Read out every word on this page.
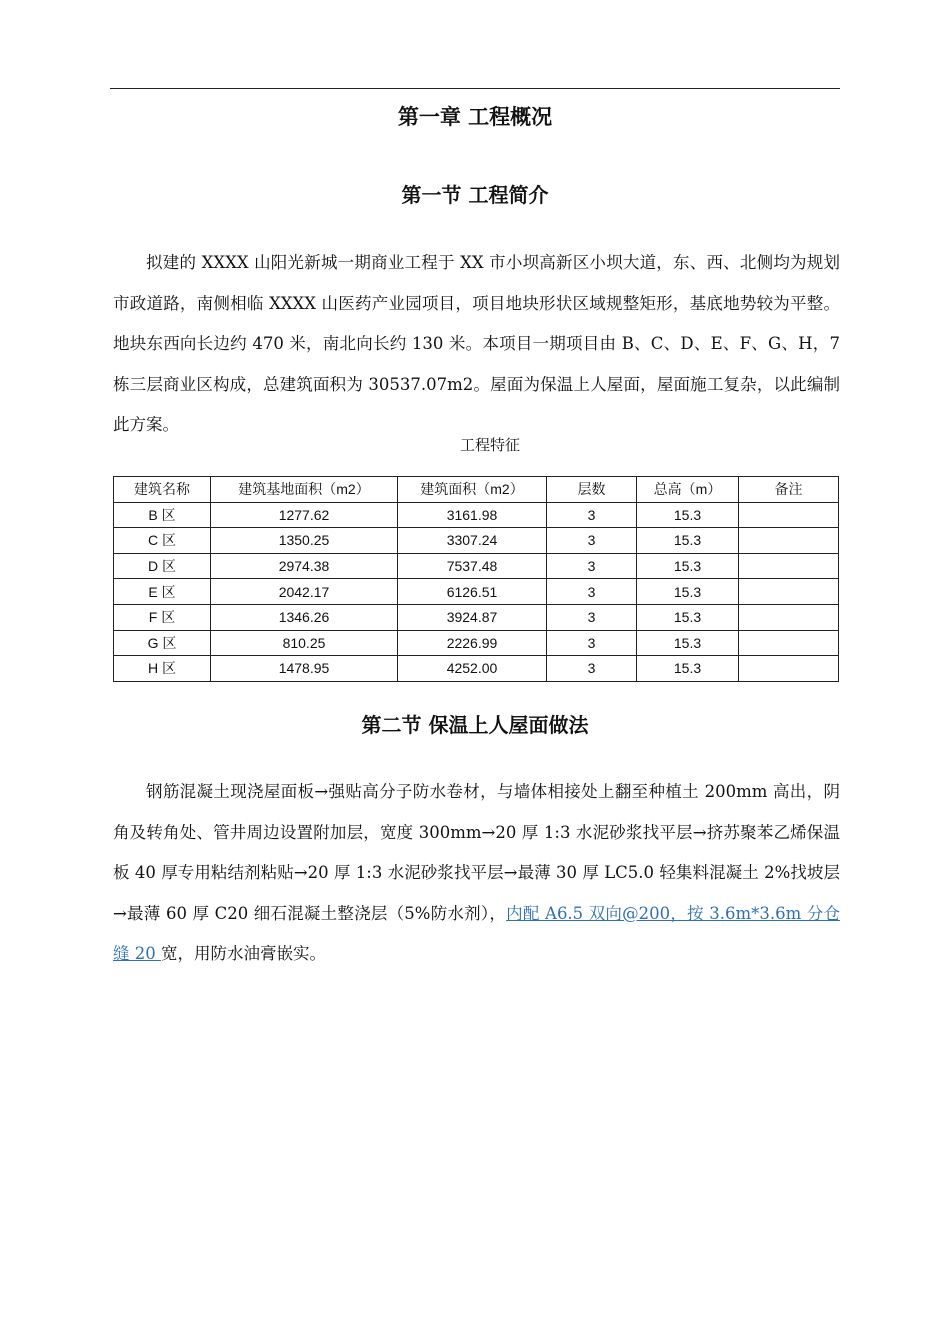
第一章 工程概况
第一节 工程简介

拟建的 XXXX 山阳光新城一期商业工程于 XX 市小坝高新区小坝大道，东、西、北侧均为规划市政道路，南侧相临 XXXX 山医药产业园项目，项目地块形状区域规整矩形，基底地势较为平整。地块东西向长边约 470 米，南北向长约 130 米。本项目一期项目由 B、C、D、E、F、G、H，7 栋三层商业区构成，总建筑面积为 30537.07m2。屋面为保温上人屋面，屋面施工复杂，以此编制此方案。

工程特征
建筑名称	建筑基地面积（m2）	建筑面积（m2）	层数	总高（m）	备注
B 区	1277.62	3161.98	3	15.3	
C 区	1350.25	3307.24	3	15.3	
D 区	2974.38	7537.48	3	15.3	
E 区	2042.17	6126.51	3	15.3	
F 区	1346.26	3924.87	3	15.3	
G 区	810.25	2226.99	3	15.3	
H 区	1478.95	4252.00	3	15.3	
第二节 保温上人屋面做法

钢筋混凝土现浇屋面板→强贴高分子防水卷材，与墙体相接处上翻至种植土 200mm 高出，阴角及转角处、管井周边设置附加层，宽度 300mm→20 厚 1:3 水泥砂浆找平层→挤苏聚苯乙烯保温板 40 厚专用粘结剂粘贴→20 厚 1:3 水泥砂浆找平层→最薄 30 厚 LC5.0 轻集料混凝土 2%找坡层→最薄 60 厚 C20 细石混凝土整浇层（5%防水剂），内配 A6.5 双向@200，按 3.6m*3.6m 分仓缝 20 宽，用防水油膏嵌实。
